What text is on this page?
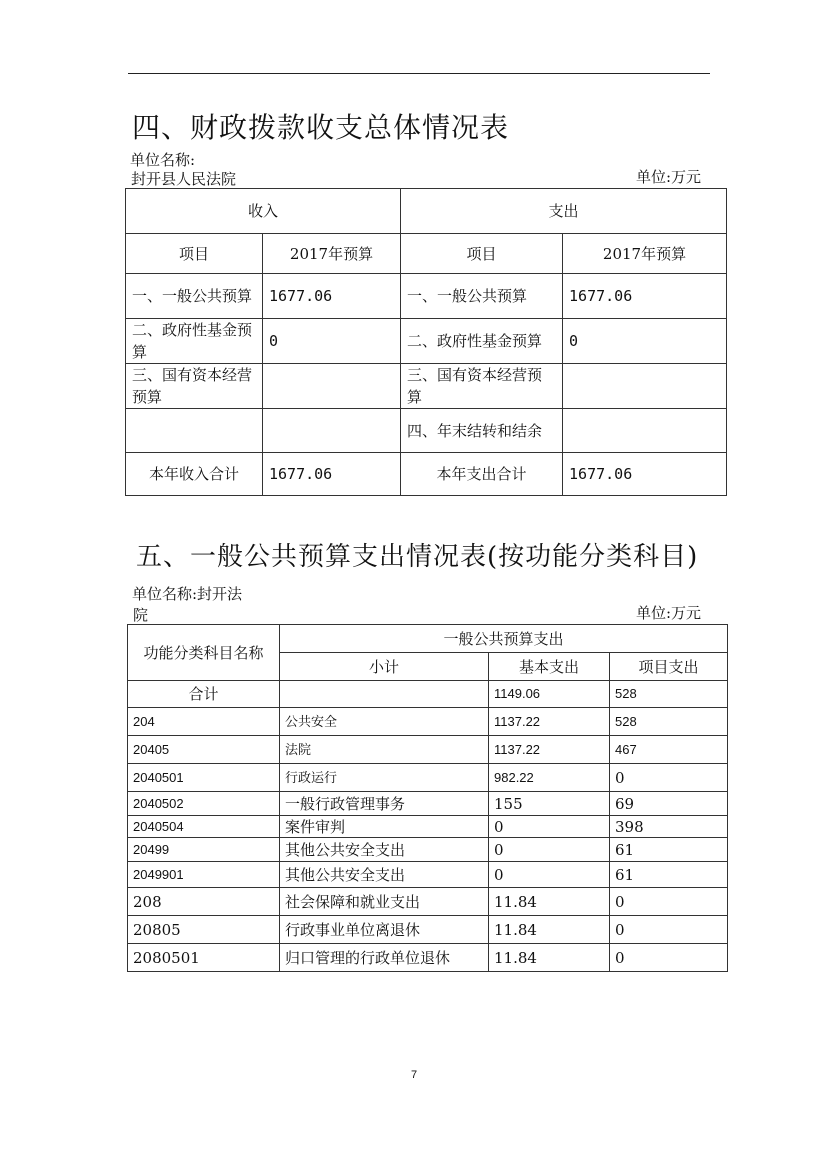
四、财政拨款收支总体情况表
单位名称:
封开县人民法院	单位:万元
收入		支出	
项目	2017年预算	项目	2017年预算
一、一般公共预算	1677.06	一、一般公共预算	1677.06
二、政府性基金预算	0	二、政府性基金预算	0
三、国有资本经营预算		三、国有资本经营预算	
		四、年末结转和结余	
本年收入合计	1677.06	本年支出合计	1677.06
五、一般公共预算支出情况表(按功能分类科目)
单位名称:封开法
院	单位:万元
功能分类科目名称	一般公共预算支出		
	小计	基本支出	项目支出
合计		1149.06	528
204	公共安全	1137.22	528
20405	法院	1137.22	467
2040501	行政运行	982.22	0
2040502	一般行政管理事务	155	69
2040504	案件审判	0	398
20499	其他公共安全支出	0	61
2049901	其他公共安全支出	0	61
208	社会保障和就业支出	11.84	0
20805	行政事业单位离退休	11.84	0
2080501	归口管理的行政单位退休	11.84	0
7
